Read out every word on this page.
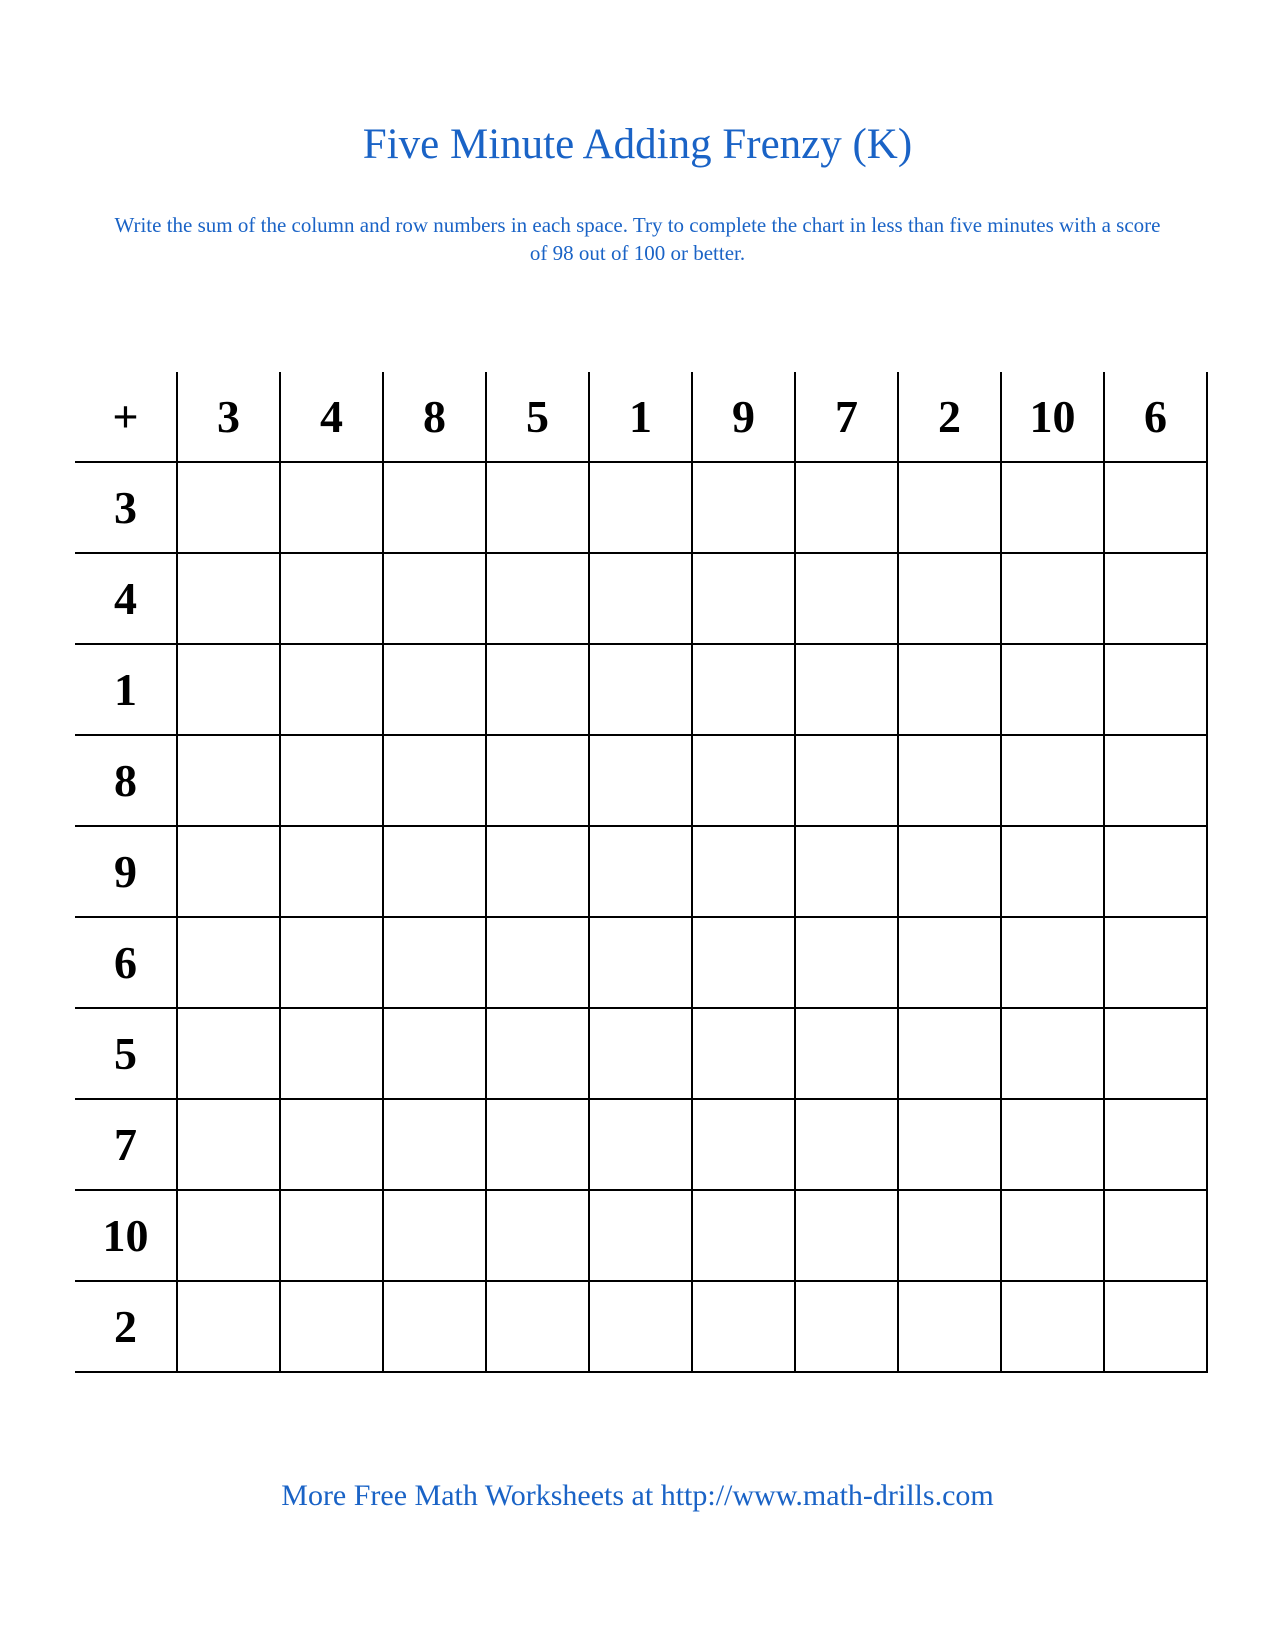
Five Minute Adding Frenzy (K)

Write the sum of the column and row numbers in each space. Try to complete the chart in less than five minutes with a score of 98 out of 100 or better.

+	3	4	8	5	1	9	7	2	10	6
3										
4										
1										
8										
9										
6										
5										
7										
10										
2										

More Free Math Worksheets at http://www.math-drills.com
